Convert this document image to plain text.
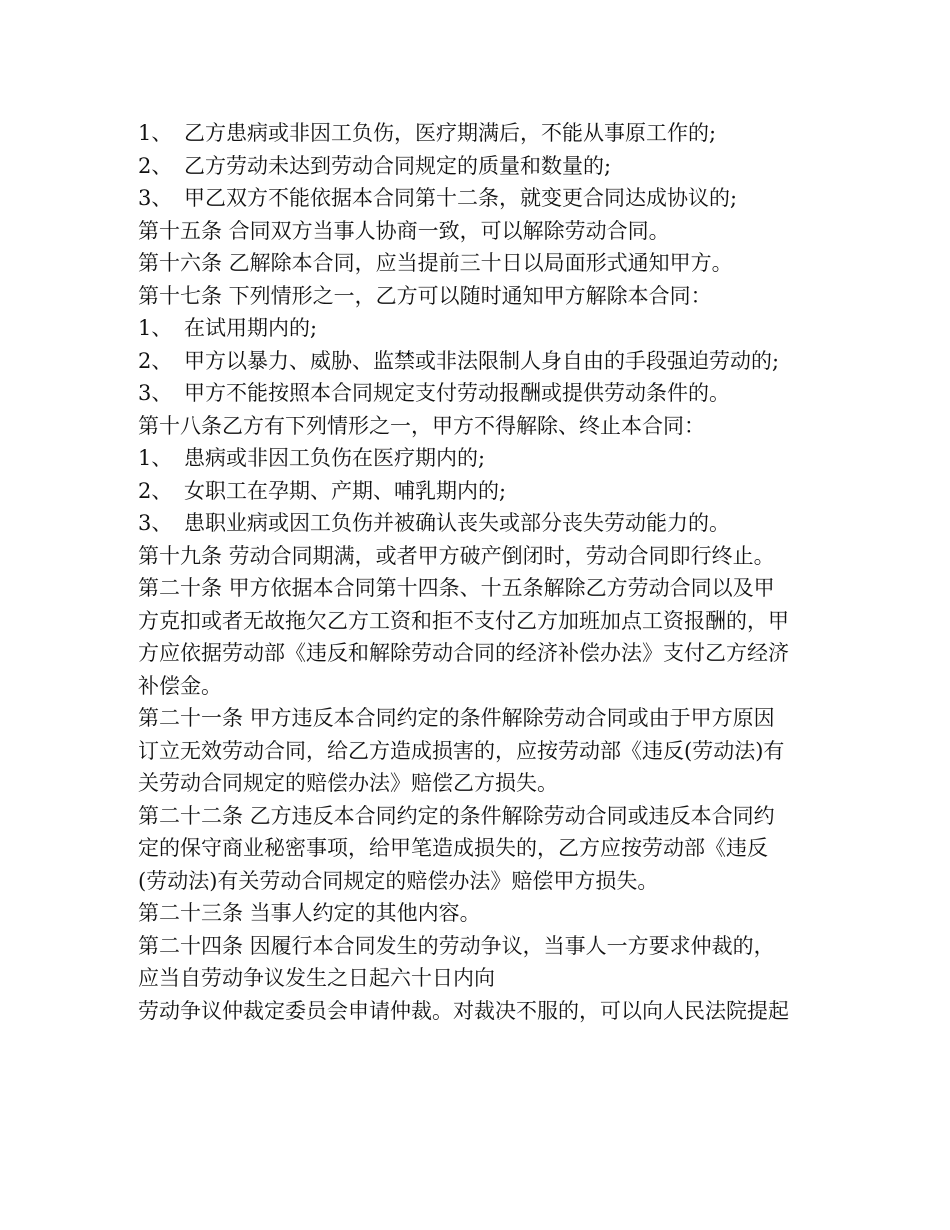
1、 乙方患病或非因工负伤，医疗期满后，不能从事原工作的;
2、 乙方劳动未达到劳动合同规定的质量和数量的;
3、 甲乙双方不能依据本合同第十二条，就变更合同达成协议的;
第十五条 合同双方当事人协商一致，可以解除劳动合同。
第十六条 乙解除本合同，应当提前三十日以局面形式通知甲方。
第十七条 下列情形之一，乙方可以随时通知甲方解除本合同：
1、 在试用期内的;
2、 甲方以暴力、威胁、监禁或非法限制人身自由的手段强迫劳动的;
3、 甲方不能按照本合同规定支付劳动报酬或提供劳动条件的。
第十八条乙方有下列情形之一，甲方不得解除、终止本合同：
1、 患病或非因工负伤在医疗期内的;
2、 女职工在孕期、产期、哺乳期内的;
3、 患职业病或因工负伤并被确认丧失或部分丧失劳动能力的。
第十九条 劳动合同期满，或者甲方破产倒闭时，劳动合同即行终止。
第二十条 甲方依据本合同第十四条、十五条解除乙方劳动合同以及甲
方克扣或者无故拖欠乙方工资和拒不支付乙方加班加点工资报酬的，甲
方应依据劳动部《违反和解除劳动合同的经济补偿办法》支付乙方经济
补偿金。
第二十一条 甲方违反本合同约定的条件解除劳动合同或由于甲方原因
订立无效劳动合同，给乙方造成损害的，应按劳动部《违反(劳动法)有
关劳动合同规定的赔偿办法》赔偿乙方损失。
第二十二条 乙方违反本合同约定的条件解除劳动合同或违反本合同约
定的保守商业秘密事项，给甲笔造成损失的，乙方应按劳动部《违反
(劳动法)有关劳动合同规定的赔偿办法》赔偿甲方损失。
第二十三条 当事人约定的其他内容。
第二十四条 因履行本合同发生的劳动争议，当事人一方要求仲裁的，
应当自劳动争议发生之日起六十日内向
劳动争议仲裁定委员会申请仲裁。对裁决不服的，可以向人民法院提起
